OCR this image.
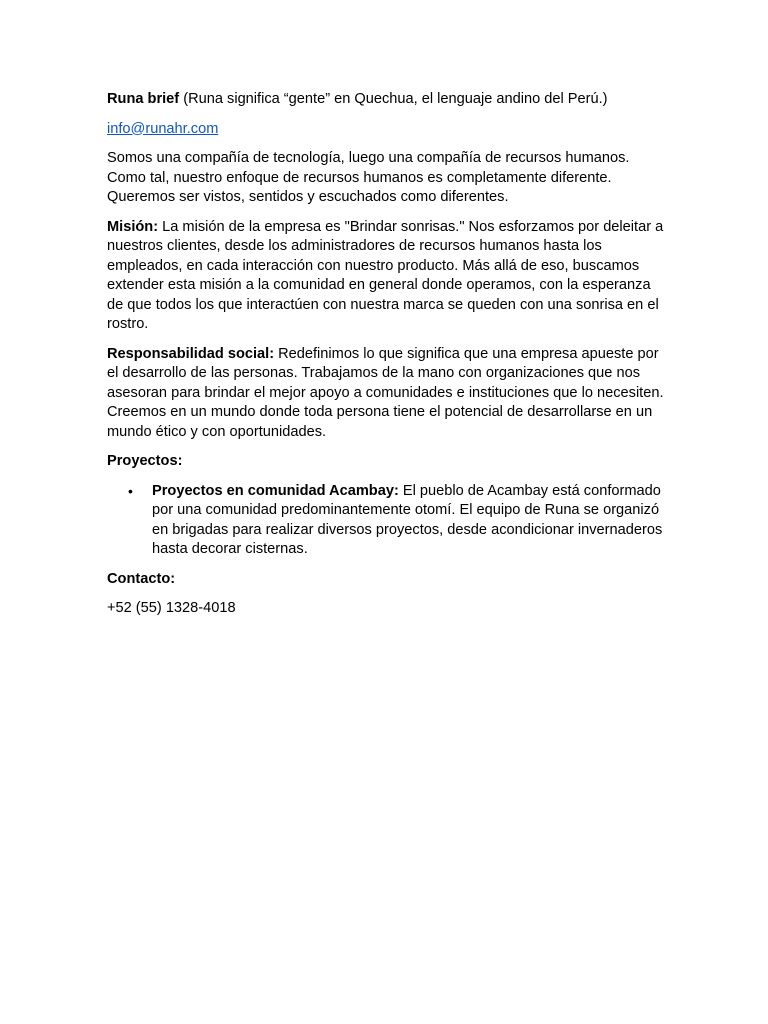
Runa brief (Runa significa “gente” en Quechua, el lenguaje andino del Perú.)

info@runahr.com

Somos una compañía de tecnología, luego una compañía de recursos humanos. Como tal, nuestro enfoque de recursos humanos es completamente diferente. Queremos ser vistos, sentidos y escuchados como diferentes.

Misión: La misión de la empresa es "Brindar sonrisas." Nos esforzamos por deleitar a nuestros clientes, desde los administradores de recursos humanos hasta los empleados, en cada interacción con nuestro producto. Más allá de eso, buscamos extender esta misión a la comunidad en general donde operamos, con la esperanza de que todos los que interactúen con nuestra marca se queden con una sonrisa en el rostro.

Responsabilidad social: Redefinimos lo que significa que una empresa apueste por el desarrollo de las personas. Trabajamos de la mano con organizaciones que nos asesoran para brindar el mejor apoyo a comunidades e instituciones que lo necesiten. Creemos en un mundo donde toda persona tiene el potencial de desarrollarse en un mundo ético y con oportunidades.

Proyectos:

• Proyectos en comunidad Acambay: El pueblo de Acambay está conformado por una comunidad predominantemente otomí. El equipo de Runa se organizó en brigadas para realizar diversos proyectos, desde acondicionar invernaderos hasta decorar cisternas.

Contacto:

+52 (55) 1328-4018
